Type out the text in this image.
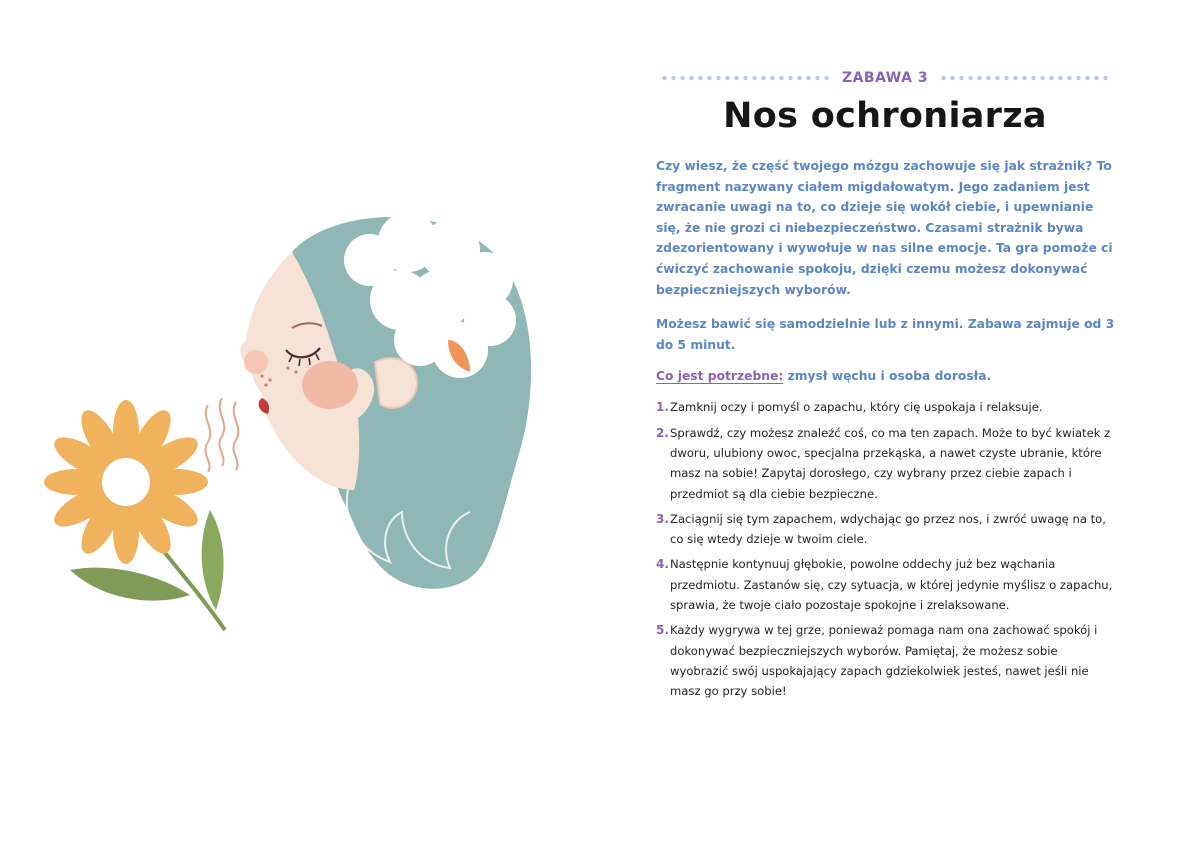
ZABAWA 3
Nos ochroniarza

Czy wiesz, że część twojego mózgu zachowuje się jak strażnik? To fragment nazywany ciałem migdałowatym. Jego zadaniem jest zwracanie uwagi na to, co dzieje się wokół ciebie, i upewnianie się, że nie grozi ci niebezpieczeństwo. Czasami strażnik bywa zdezorientowany i wywołuje w nas silne emocje. Ta gra pomoże ci ćwiczyć zachowanie spokoju, dzięki czemu możesz dokonywać bezpieczniejszych wyborów.

Możesz bawić się samodzielnie lub z innymi. Zabawa zajmuje od 3 do 5 minut.

Co jest potrzebne: zmysł węchu i osoba dorosła.

1. Zamknij oczy i pomyśl o zapachu, który cię uspokaja i relaksuje.
2. Sprawdź, czy możesz znaleźć coś, co ma ten zapach. Może to być kwiatek z dworu, ulubiony owoc, specjalna przekąska, a nawet czyste ubranie, które masz na sobie! Zapytaj dorosłego, czy wybrany przez ciebie zapach i przedmiot są dla ciebie bezpieczne.
3. Zaciągnij się tym zapachem, wdychając go przez nos, i zwróć uwagę na to, co się wtedy dzieje w twoim ciele.
4. Następnie kontynuuj głębokie, powolne oddechy już bez wąchania przedmiotu. Zastanów się, czy sytuacja, w której jedynie myślisz o zapachu, sprawia, że twoje ciało pozostaje spokojne i zrelaksowane.
5. Każdy wygrywa w tej grze, ponieważ pomaga nam ona zachować spokój i dokonywać bezpieczniejszych wyborów. Pamiętaj, że możesz sobie wyobrazić swój uspokajający zapach gdziekolwiek jesteś, nawet jeśli nie masz go przy sobie!
